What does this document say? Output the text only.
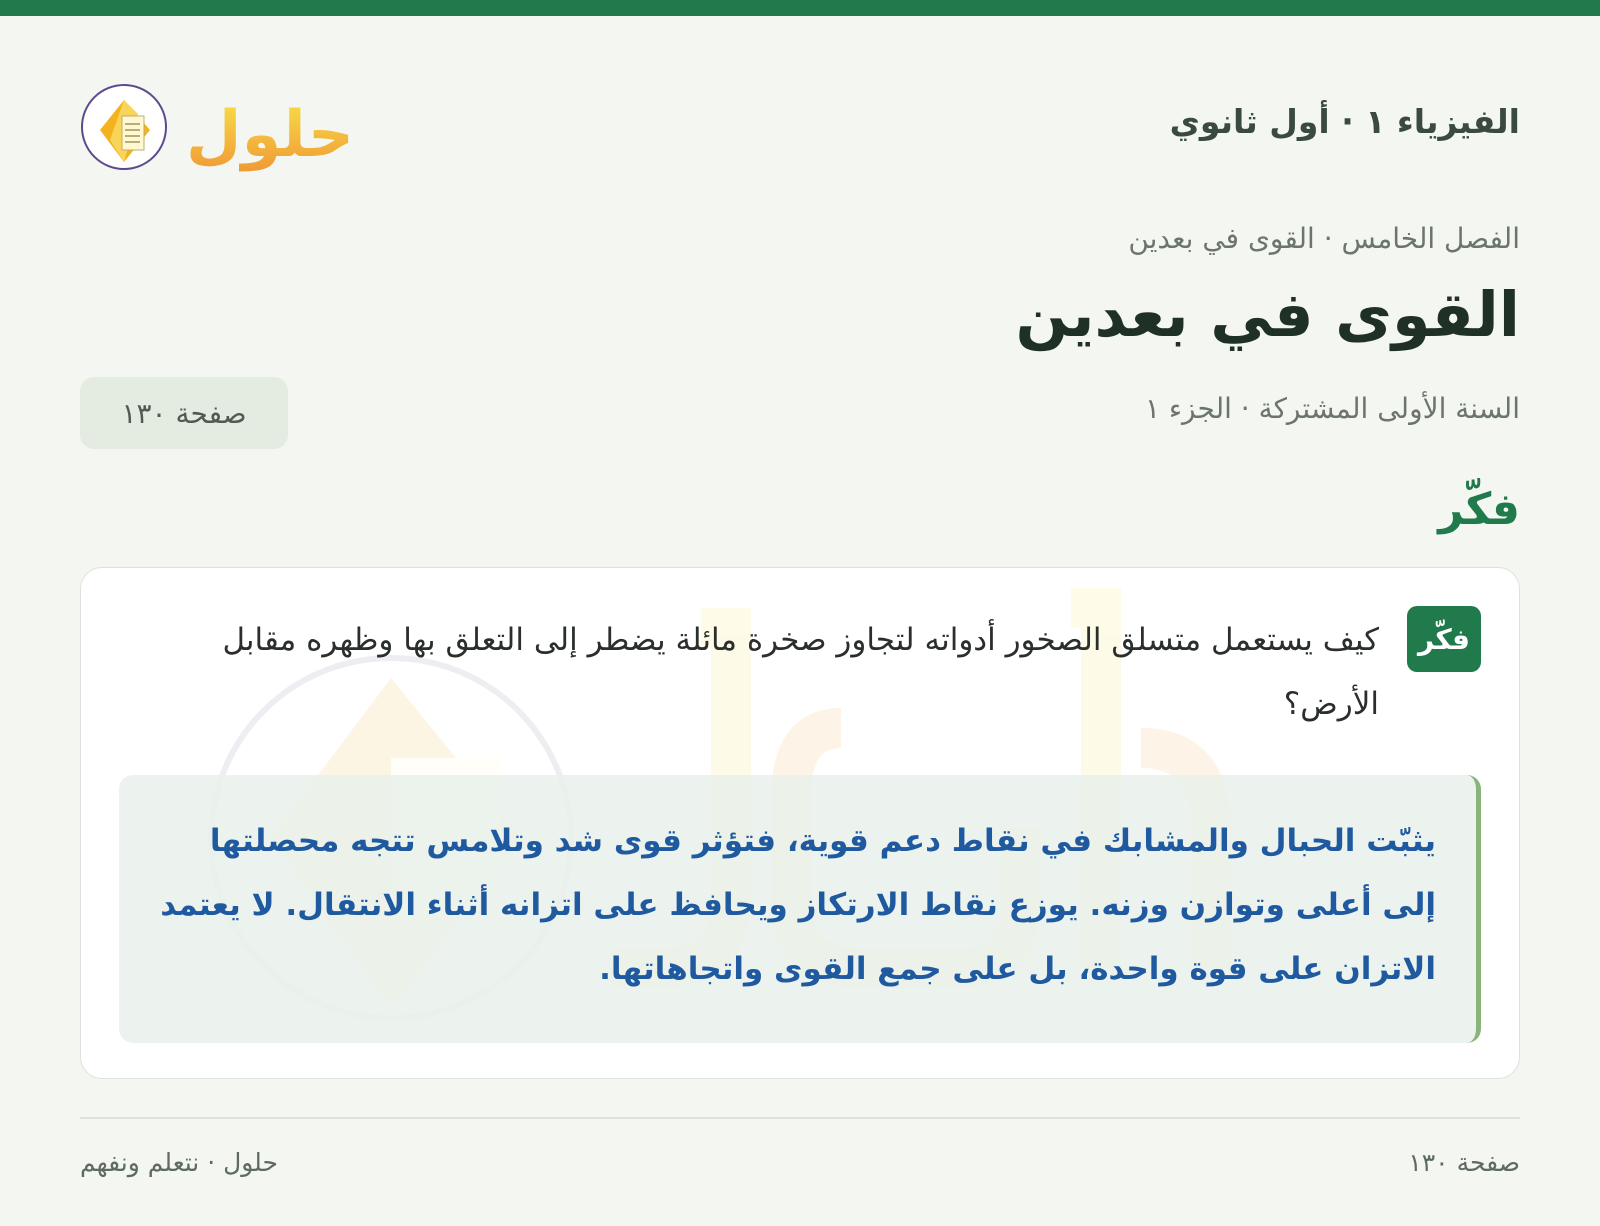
الفيزياء ١ · أول ثانوي
حلول
الفصل الخامس · القوى في بعدين
القوى في بعدين
السنة الأولى المشتركة · الجزء ١
صفحة ١٣٠
فكّر
فكّر

كيف يستعمل متسلق الصخور أدواته لتجاوز صخرة مائلة يضطر إلى التعلق بها وظهره مقابل الأرض؟

يثبّت الحبال والمشابك في نقاط دعم قوية، فتؤثر قوى شد وتلامس تتجه محصلتها إلى أعلى وتوازن وزنه. يوزع نقاط الارتكاز ويحافظ على اتزانه أثناء الانتقال. لا يعتمد الاتزان على قوة واحدة، بل على جمع القوى واتجاهاتها.

صفحة ١٣٠
حلول · نتعلم ونفهم
